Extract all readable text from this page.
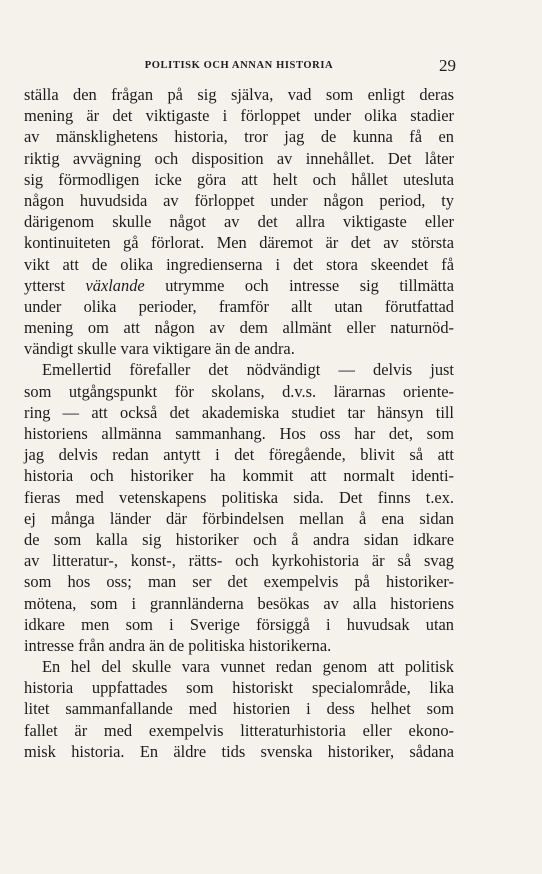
POLITISK OCH ANNAN HISTORIA	29
ställa den frågan på sig själva, vad som enligt deras
mening är det viktigaste i förloppet under olika stadier
av mänsklighetens historia, tror jag de kunna få en
riktig avvägning och disposition av innehållet. Det låter
sig förmodligen icke göra att helt och hållet utesluta
någon huvudsida av förloppet under någon period, ty
därigenom skulle något av det allra viktigaste eller
kontinuiteten gå förlorat. Men däremot är det av största
vikt att de olika ingredienserna i det stora skeendet få
ytterst växlande utrymme och intresse sig tillmätta
under olika perioder, framför allt utan förutfattad
mening om att någon av dem allmänt eller naturnöd-
vändigt skulle vara viktigare än de andra.
Emellertid förefaller det nödvändigt — delvis just
som utgångspunkt för skolans, d.v.s. lärarnas oriente-
ring — att också det akademiska studiet tar hänsyn till
historiens allmänna sammanhang. Hos oss har det, som
jag delvis redan antytt i det föregående, blivit så att
historia och historiker ha kommit att normalt identi-
fieras med vetenskapens politiska sida. Det finns t.ex.
ej många länder där förbindelsen mellan å ena sidan
de som kalla sig historiker och å andra sidan idkare
av litteratur-, konst-, rätts- och kyrkohistoria är så svag
som hos oss; man ser det exempelvis på historiker-
mötena, som i grannländerna besökas av alla historiens
idkare men som i Sverige försiggå i huvudsak utan
intresse från andra än de politiska historikerna.
En hel del skulle vara vunnet redan genom att politisk
historia uppfattades som historiskt specialområde, lika
litet sammanfallande med historien i dess helhet som
fallet är med exempelvis litteraturhistoria eller ekono-
misk historia. En äldre tids svenska historiker, sådana
